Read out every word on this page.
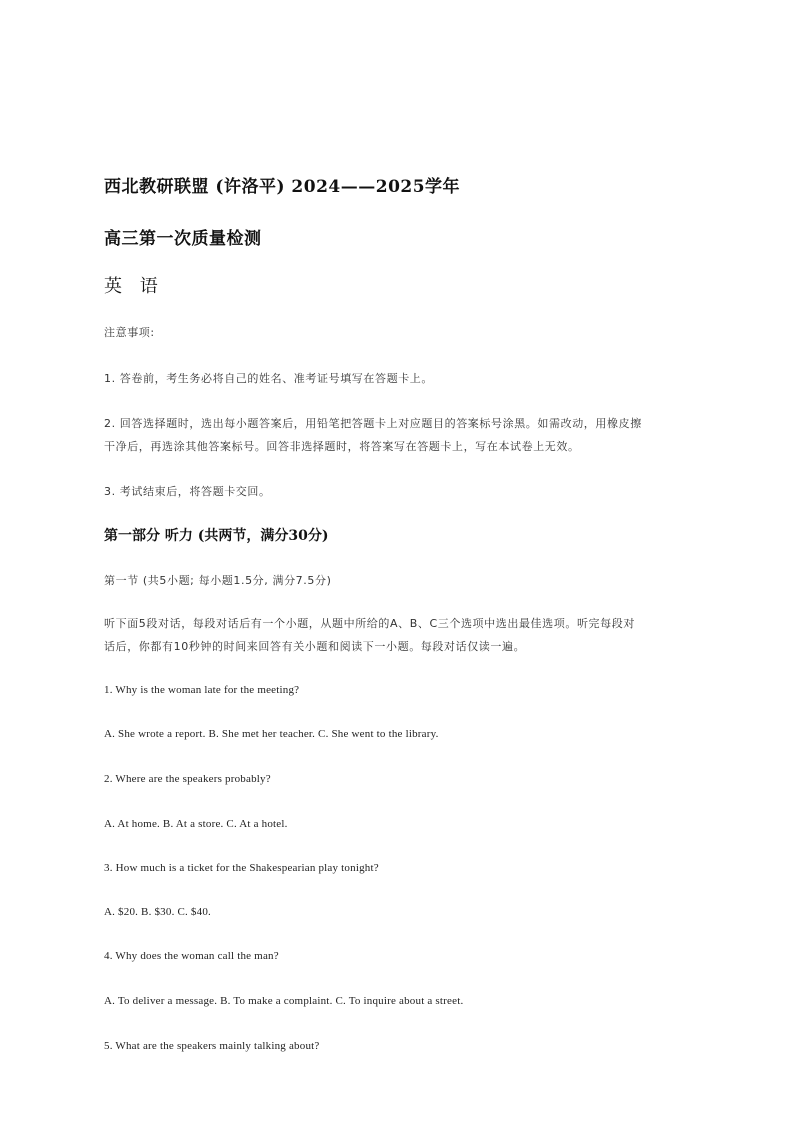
西北教研联盟 (许洛平) 2024——2025学年
高三第一次质量检测
英 语
注意事项:
1. 答卷前，考生务必将自己的姓名、准考证号填写在答题卡上。
2. 回答选择题时，选出每小题答案后，用铅笔把答题卡上对应题目的答案标号涂黑。如需改动，用橡皮擦
干净后，再选涂其他答案标号。回答非选择题时，将答案写在答题卡上，写在本试卷上无效。
3. 考试结束后，将答题卡交回。
第一部分 听力 (共两节，满分30分)
第一节 (共5小题; 每小题1.5分, 满分7.5分)
听下面5段对话，每段对话后有一个小题，从题中所给的A、B、C三个选项中选出最佳选项。听完每段对
话后，你都有10秒钟的时间来回答有关小题和阅读下一小题。每段对话仅读一遍。
1. Why is the woman late for the meeting?
A. She wrote a report. B. She met her teacher. C. She went to the library.
2. Where are the speakers probably?
A. At home. B. At a store. C. At a hotel.
3. How much is a ticket for the Shakespearian play tonight?
A. $20. B. $30. C. $40.
4. Why does the woman call the man?
A. To deliver a message. B. To make a complaint. C. To inquire about a street.
5. What are the speakers mainly talking about?
